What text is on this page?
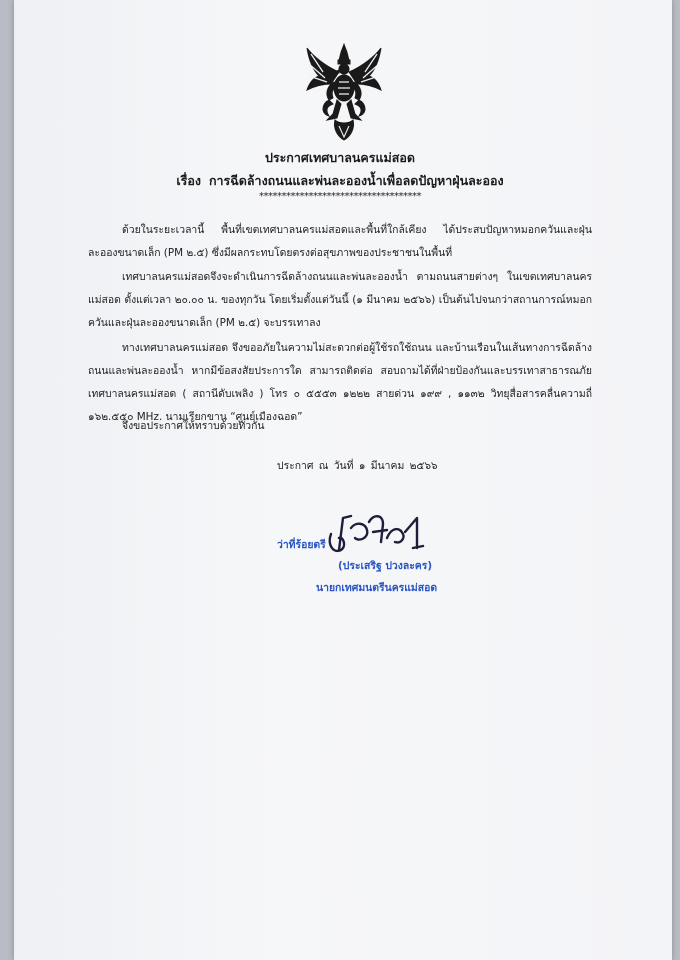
ประกาศเทศบาลนครแม่สอด

เรื่อง การฉีดล้างถนนและพ่นละอองน้ำเพื่อลดปัญหาฝุ่นละออง

************************************

ด้วยในระยะเวลานี้ พื้นที่เขตเทศบาลนครแม่สอดและพื้นที่ใกล้เคียง ได้ประสบปัญหาหมอกควันและฝุ่นละอองขนาดเล็ก (PM ๒.๕) ซึ่งมีผลกระทบโดยตรงต่อสุขภาพของประชาชนในพื้นที่

เทศบาลนครแม่สอดจึงจะดำเนินการฉีดล้างถนนและพ่นละอองน้ำ ตามถนนสายต่างๆ ในเขตเทศบาลนครแม่สอด ตั้งแต่เวลา ๒๐.๐๐ น. ของทุกวัน โดยเริ่มตั้งแต่วันนี้ (๑ มีนาคม ๒๕๖๖) เป็นต้นไปจนกว่าสถานการณ์หมอกควันและฝุ่นละอองขนาดเล็ก (PM ๒.๕) จะบรรเทาลง

ทางเทศบาลนครแม่สอด จึงขออภัยในความไม่สะดวกต่อผู้ใช้รถใช้ถนน และบ้านเรือนในเส้นทางการฉีดล้างถนนและพ่นละอองน้ำ หากมีข้อสงสัยประการใด สามารถติดต่อ สอบถามได้ที่ฝ่ายป้องกันและบรรเทาสาธารณภัย เทศบาลนครแม่สอด ( สถานีดับเพลิง ) โทร ๐ ๕๕๕๓ ๑๒๒๒ สายด่วน ๑๙๙ , ๑๑๓๒ วิทยุสื่อสารคลื่นความถี่ ๑๖๒.๕๕๐ MHz. นามเรียกขาน “ศูนย์เมืองฉอด”

จึงขอประกาศให้ทราบด้วยทั่วกัน

ประกาศ ณ วันที่ ๑ มีนาคม ๒๕๖๖

ว่าที่ร้อยตรี

(ประเสริฐ ปวงละคร)

นายกเทศมนตรีนครแม่สอด
